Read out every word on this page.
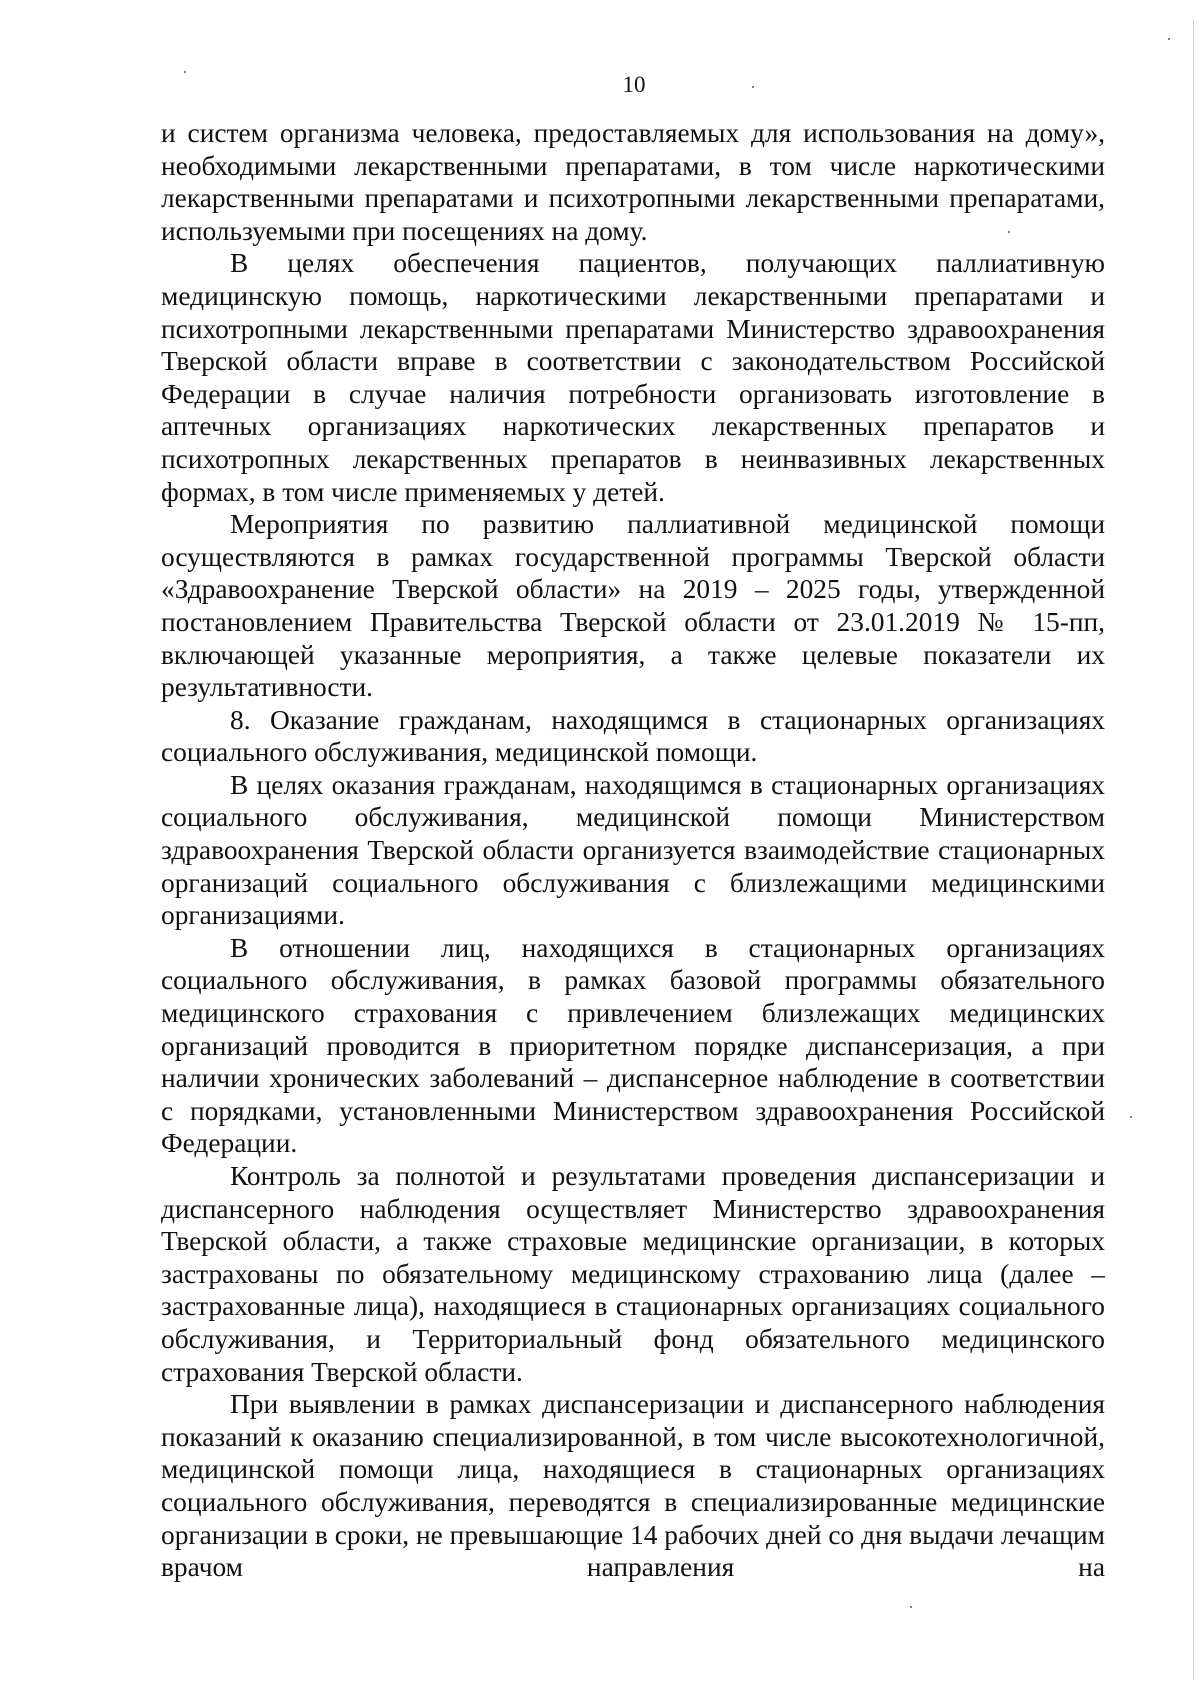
10

и систем организма человека, предоставляемых для использования на дому», необходимыми лекарственными препаратами, в том числе наркотическими лекарственными препаратами и психотропными лекарственными препаратами, используемыми при посещениях на дому.

В целях обеспечения пациентов, получающих паллиативную медицинскую помощь, наркотическими лекарственными препаратами и психотропными лекарственными препаратами Министерство здравоохранения Тверской области вправе в соответствии с законодательством Российской Федерации в случае наличия потребности организовать изготовление в аптечных организациях наркотических лекарственных препаратов и психотропных лекарственных препаратов в неинвазивных лекарственных формах, в том числе применяемых у детей.

Мероприятия по развитию паллиативной медицинской помощи осуществляются в рамках государственной программы Тверской области «Здравоохранение Тверской области» на 2019 – 2025 годы, утвержденной постановлением Правительства Тверской области от 23.01.2019 № 15-пп, включающей указанные мероприятия, а также целевые показатели их результативности.

8. Оказание гражданам, находящимся в стационарных организациях социального обслуживания, медицинской помощи.

В целях оказания гражданам, находящимся в стационарных организациях социального обслуживания, медицинской помощи Министерством здравоохранения Тверской области организуется взаимодействие стационарных организаций социального обслуживания с близлежащими медицинскими организациями.

В отношении лиц, находящихся в стационарных организациях социального обслуживания, в рамках базовой программы обязательного медицинского страхования с привлечением близлежащих медицинских организаций проводится в приоритетном порядке диспансеризация, а при наличии хронических заболеваний – диспансерное наблюдение в соответствии с порядками, установленными Министерством здравоохранения Российской Федерации.

Контроль за полнотой и результатами проведения диспансеризации и диспансерного наблюдения осуществляет Министерство здравоохранения Тверской области, а также страховые медицинские организации, в которых застрахованы по обязательному медицинскому страхованию лица (далее – застрахованные лица), находящиеся в стационарных организациях социального обслуживания, и Территориальный фонд обязательного медицинского страхования Тверской области.

При выявлении в рамках диспансеризации и диспансерного наблюдения показаний к оказанию специализированной, в том числе высокотехнологичной, медицинской помощи лица, находящиеся в стационарных организациях социального обслуживания, переводятся в специализированные медицинские организации в сроки, не превышающие 14 рабочих дней со дня выдачи лечащим врачом направления на
